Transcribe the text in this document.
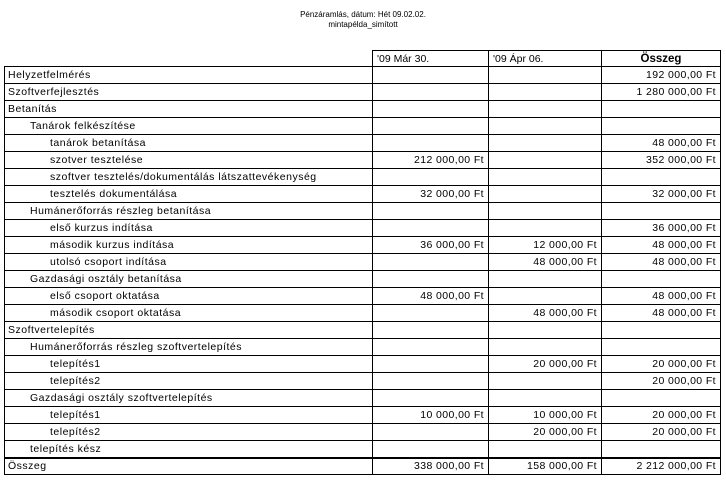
Pénzáramlás, dátum: Hét 09.02.02.
mintapélda_simított
	'09 Már 30.	'09 Ápr 06.	Összeg
Helyzetfelmérés			192 000,00 Ft
Szoftverfejlesztés			1 280 000,00 Ft
Betanítás			
Tanárok felkészítése			
tanárok betanítása			48 000,00 Ft
szotver tesztelése	212 000,00 Ft		352 000,00 Ft
szoftver tesztelés/dokumentálás látszattevékenység			
tesztelés dokumentálása	32 000,00 Ft		32 000,00 Ft
Humánerőforrás részleg betanítása			
első kurzus indítása			36 000,00 Ft
második kurzus indítása	36 000,00 Ft	12 000,00 Ft	48 000,00 Ft
utolsó csoport indítása		48 000,00 Ft	48 000,00 Ft
Gazdasági osztály betanítása			
első csoport oktatása	48 000,00 Ft		48 000,00 Ft
második csoport oktatása		48 000,00 Ft	48 000,00 Ft
Szoftvertelepítés			
Humánerőforrás részleg szoftvertelepítés			
telepítés1		20 000,00 Ft	20 000,00 Ft
telepítés2			20 000,00 Ft
Gazdasági osztály szoftvertelepítés			
telepítés1	10 000,00 Ft	10 000,00 Ft	20 000,00 Ft
telepítés2		20 000,00 Ft	20 000,00 Ft
telepítés kész			
Összeg	338 000,00 Ft	158 000,00 Ft	2 212 000,00 Ft
